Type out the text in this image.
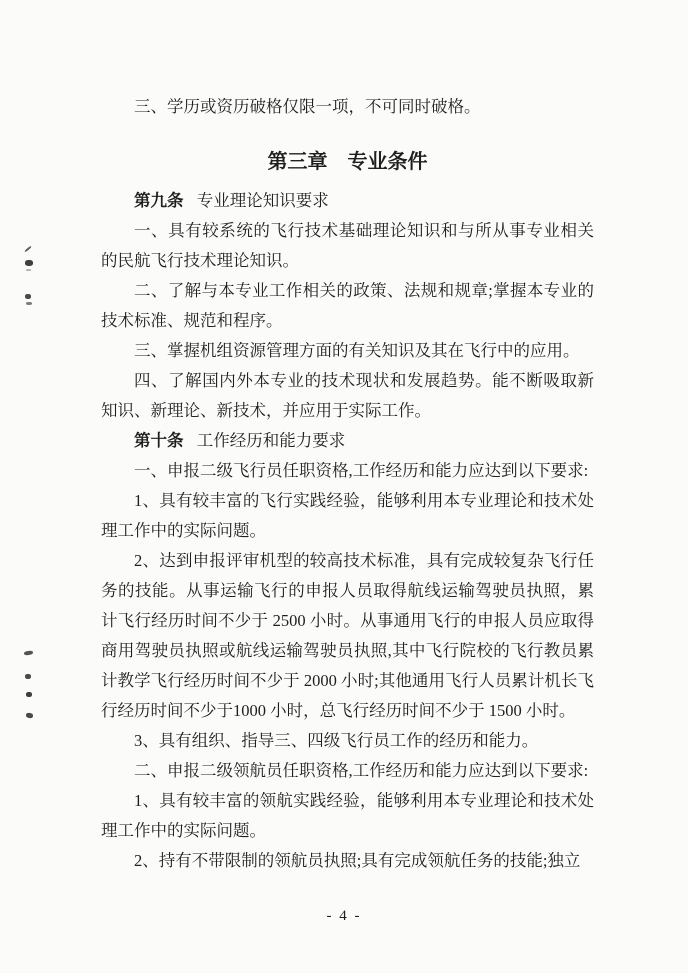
三、学历或资历破格仅限一项，不可同时破格。

第三章　专业条件

第九条 专业理论知识要求

一、具有较系统的飞行技术基础理论知识和与所从事专业相关的民航飞行技术理论知识。

二、了解与本专业工作相关的政策、法规和规章;掌握本专业的技术标准、规范和程序。

三、掌握机组资源管理方面的有关知识及其在飞行中的应用。

四、了解国内外本专业的技术现状和发展趋势。能不断吸取新知识、新理论、新技术，并应用于实际工作。

第十条 工作经历和能力要求

一、申报二级飞行员任职资格,工作经历和能力应达到以下要求:

1、具有较丰富的飞行实践经验，能够利用本专业理论和技术处理工作中的实际问题。

2、达到申报评审机型的较高技术标准，具有完成较复杂飞行任务的技能。从事运输飞行的申报人员取得航线运输驾驶员执照，累计飞行经历时间不少于 2500 小时。从事通用飞行的申报人员应取得商用驾驶员执照或航线运输驾驶员执照,其中飞行院校的飞行教员累计教学飞行经历时间不少于 2000 小时;其他通用飞行人员累计机长飞行经历时间不少于1000 小时，总飞行经历时间不少于 1500 小时。

3、具有组织、指导三、四级飞行员工作的经历和能力。

二、申报二级领航员任职资格,工作经历和能力应达到以下要求:

1、具有较丰富的领航实践经验，能够利用本专业理论和技术处理工作中的实际问题。

2、持有不带限制的领航员执照;具有完成领航任务的技能;独立

- 4 -
